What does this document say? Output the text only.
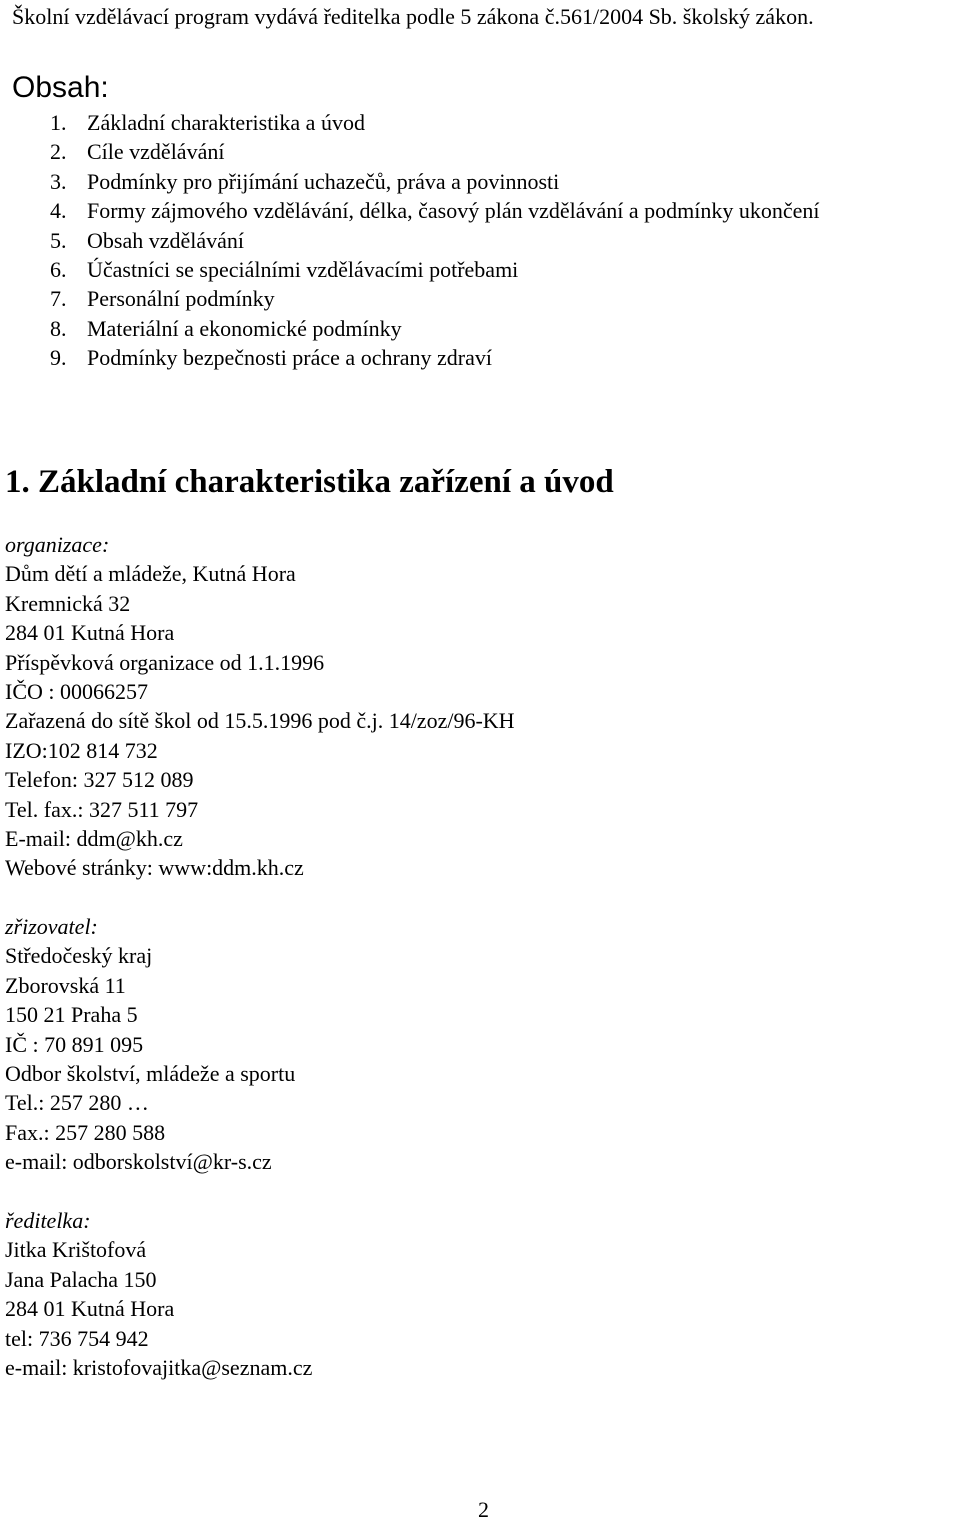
Školní vzdělávací program vydává ředitelka podle 5 zákona č.561/2004 Sb. školský zákon.
Obsah:
1. Základní charakteristika a úvod
2. Cíle vzdělávání
3. Podmínky pro přijímání uchazečů, práva a povinnosti
4. Formy zájmového vzdělávání, délka, časový plán vzdělávání a podmínky ukončení
5. Obsah vzdělávání
6. Účastníci se speciálními vzdělávacími potřebami
7. Personální podmínky
8. Materiální a ekonomické podmínky
9. Podmínky bezpečnosti práce a ochrany zdraví
1. Základní charakteristika zařízení a úvod
organizace:
Dům dětí a mládeže, Kutná Hora
Kremnická 32
284 01 Kutná Hora
Příspěvková organizace od 1.1.1996
IČO : 00066257
Zařazená do sítě škol od 15.5.1996 pod č.j. 14/zoz/96-KH
IZO:102 814 732
Telefon: 327 512 089
Tel. fax.: 327 511 797
E-mail: ddm@kh.cz
Webové stránky: www:ddm.kh.cz
zřizovatel:
Středočeský kraj
Zborovská 11
150 21 Praha 5
IČ : 70 891 095
Odbor školství, mládeže a sportu
Tel.: 257 280 …
Fax.: 257 280 588
e-mail: odborskolství@kr-s.cz
ředitelka:
Jitka Krištofová
Jana Palacha 150
284 01 Kutná Hora
tel: 736 754 942
e-mail: kristofovajitka@seznam.cz
2
